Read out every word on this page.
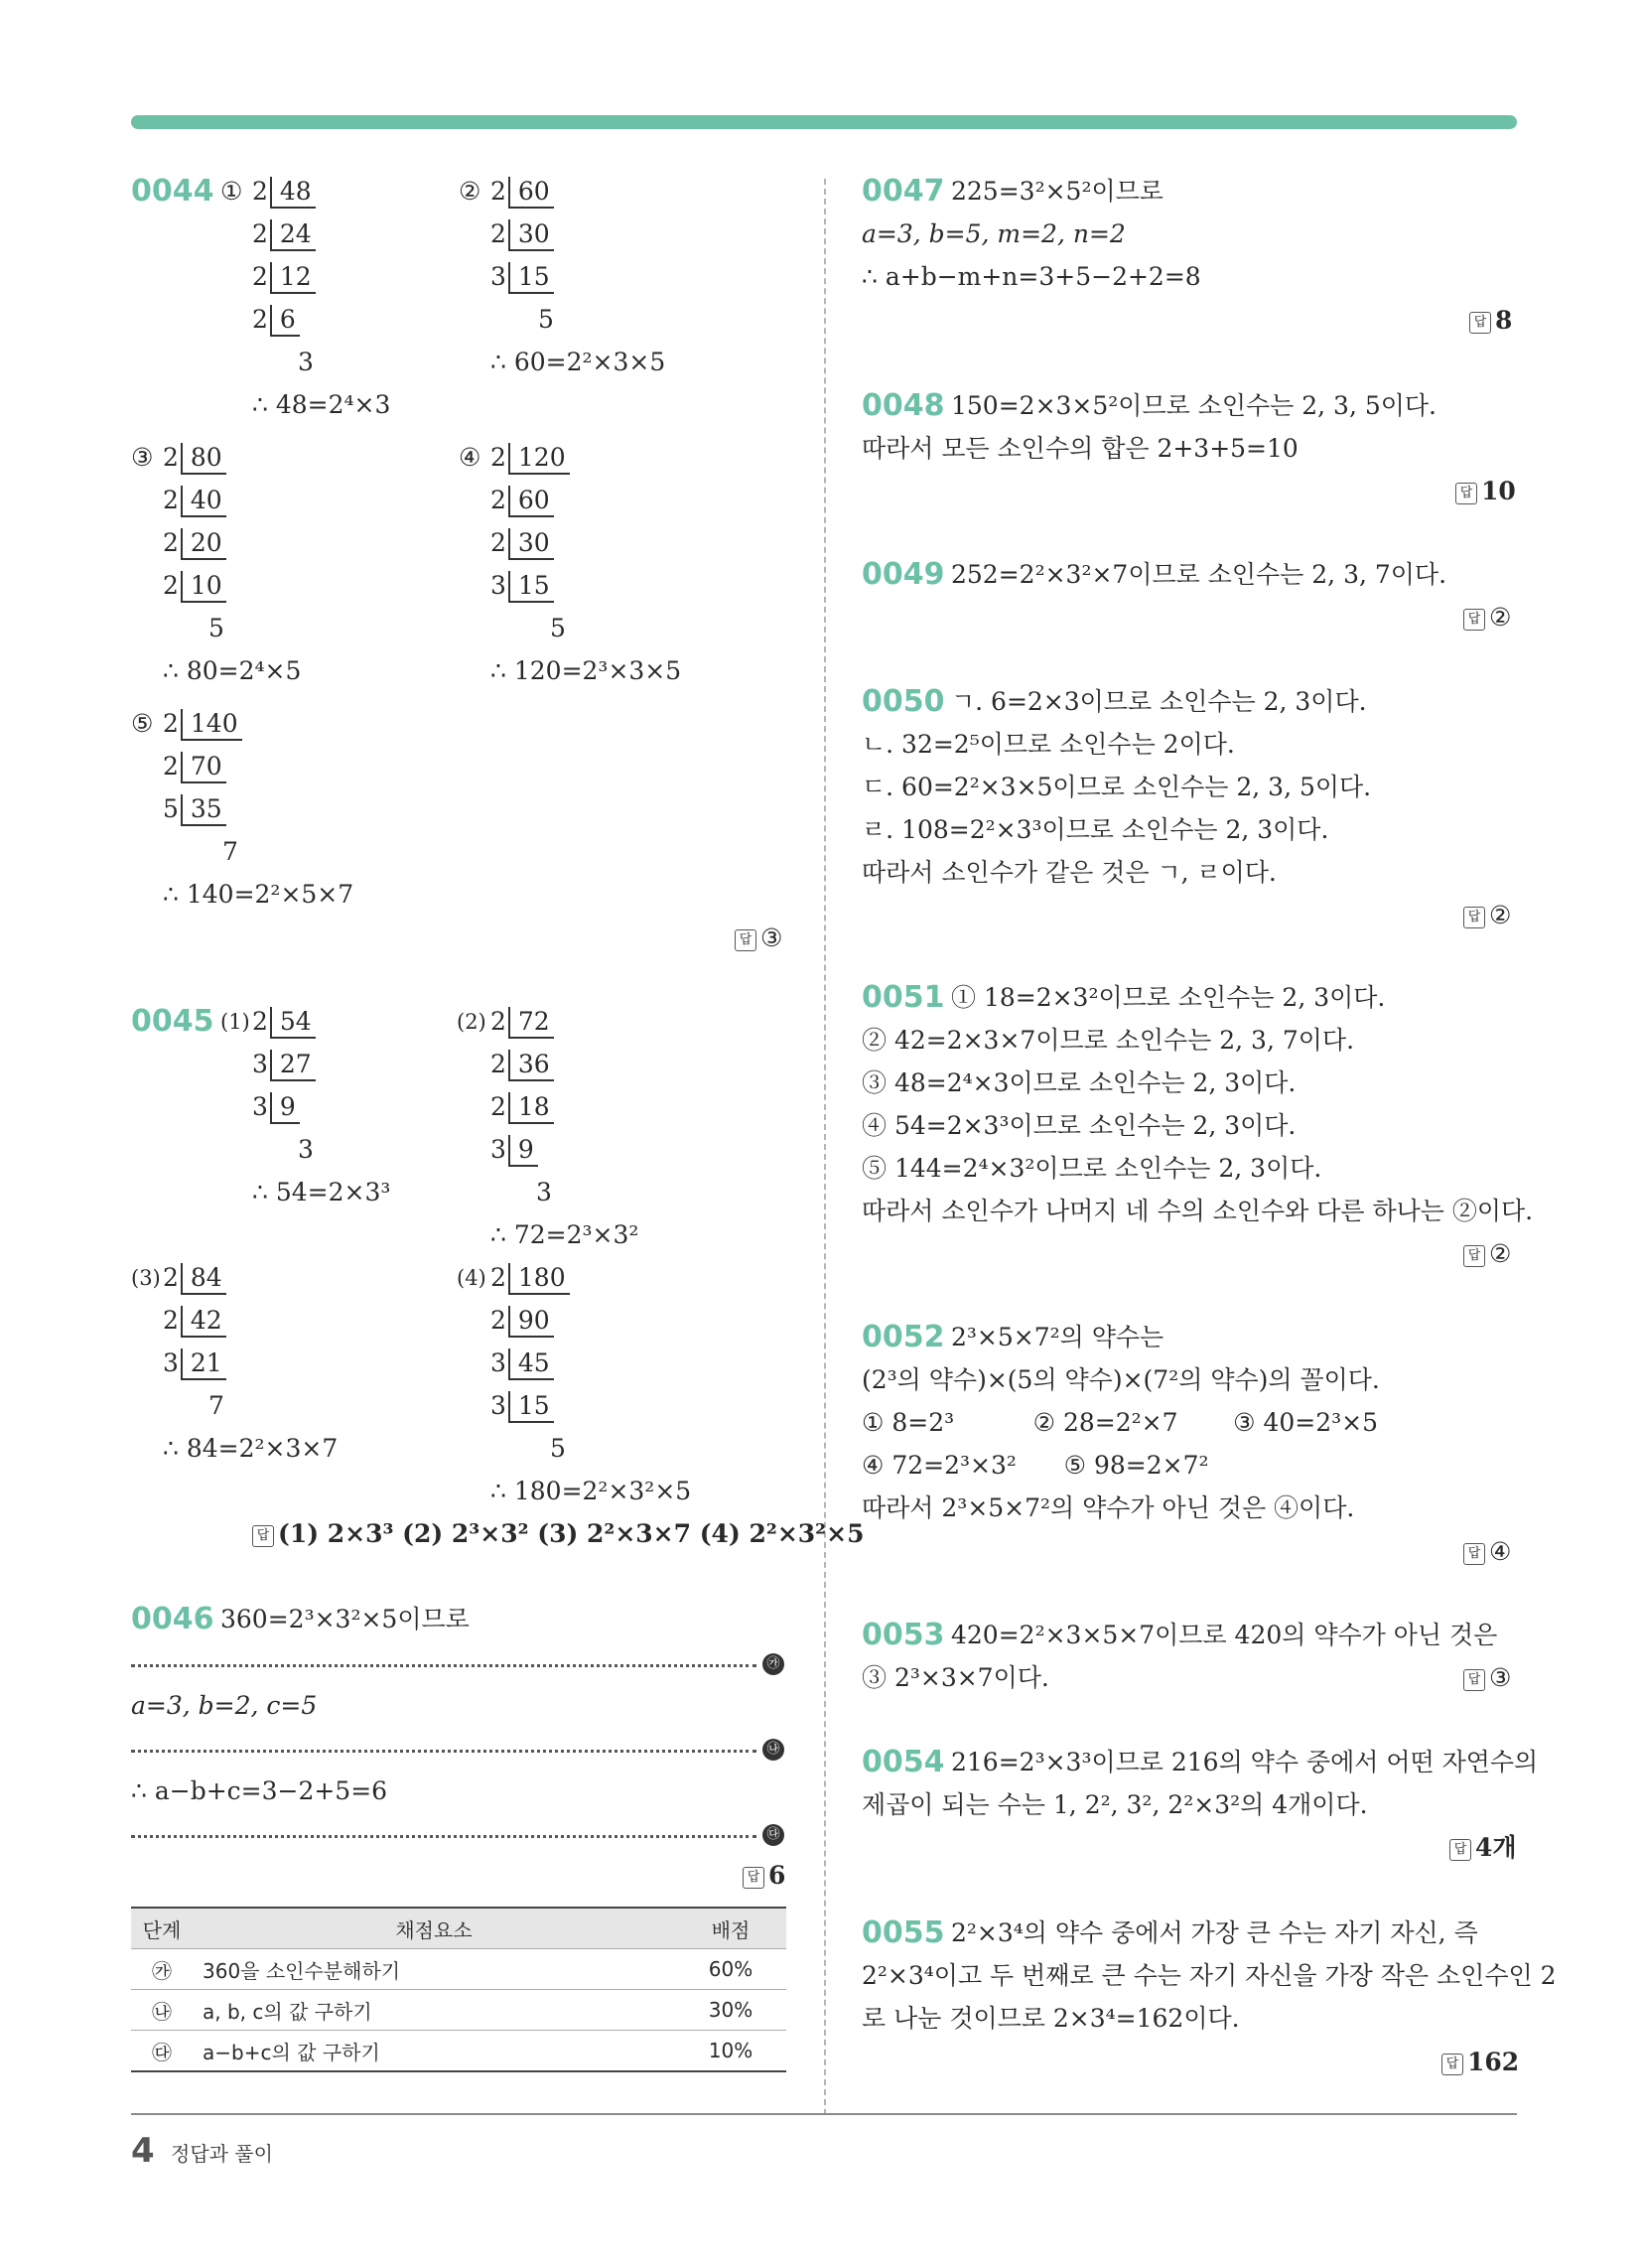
0044 ① 2 48
2 24
2 12
26
3
∴ 48=2⁴×3
② 2 60
2 30
3 15
5
∴ 60=2²×3×5
③ 2 80
2 40
2 20
2 10
5
∴ 80=2⁴×5
④ 2 120
260
230
315
5
∴ 120=2³×3×5
⑤ 2 140
270
535
7
∴ 140=2²×5×7
답 ③
0045 (1) 2 54
3 27
39
3
∴ 54=2×3³
(2) 2 72
2 36
2 18
39
3
∴ 72=2³×3²
(3) 2 84
2 42
3 21
7
∴ 84=2²×3×7
(4) 2 180
290
345
315
5
∴ 180=2²×3²×5
답 (1) 2×3³ (2) 2³×3² (3) 2²×3×7 (4) 2²×3²×5
0046 360=2³×3²×5이므로
㉮
a=3, b=2, c=5
㉯
∴ a−b+c=3−2+5=6
㉰
답 6
단계	채점요소	배점
㉮	360을 소인수분해하기	60%
㉯	a, b, c의 값 구하기	30%
㉰	a−b+c의 값 구하기	10%
0047 225=3²×5²이므로
a=3, b=5, m=2, n=2
∴ a+b−m+n=3+5−2+2=8
답 8
0048 150=2×3×5²이므로 소인수는 2, 3, 5이다.
따라서 모든 소인수의 합은 2+3+5=10
답 10
0049 252=2²×3²×7이므로 소인수는 2, 3, 7이다.
답 ②
0050 ㄱ. 6=2×3이므로 소인수는 2, 3이다.
ㄴ. 32=2⁵이므로 소인수는 2이다.
ㄷ. 60=2²×3×5이므로 소인수는 2, 3, 5이다.
ㄹ. 108=2²×3³이므로 소인수는 2, 3이다.
따라서 소인수가 같은 것은 ㄱ, ㄹ이다.
답 ②
0051 ① 18=2×3²이므로 소인수는 2, 3이다.
② 42=2×3×7이므로 소인수는 2, 3, 7이다.
③ 48=2⁴×3이므로 소인수는 2, 3이다.
④ 54=2×3³이므로 소인수는 2, 3이다.
⑤ 144=2⁴×3²이므로 소인수는 2, 3이다.
따라서 소인수가 나머지 네 수의 소인수와 다른 하나는 ②이다.
답 ②
0052 2³×5×7²의 약수는
(2³의 약수)×(5의 약수)×(7²의 약수)의 꼴이다.
① 8=2³          ② 28=2²×7       ③ 40=2³×5
④ 72=2³×3²      ⑤ 98=2×7²
따라서 2³×5×7²의 약수가 아닌 것은 ④이다.
답 ④
0053 420=2²×3×5×7이므로 420의 약수가 아닌 것은
③ 2³×3×7이다.	답 ③
0054 216=2³×3³이므로 216의 약수 중에서 어떤 자연수의
제곱이 되는 수는 1, 2², 3², 2²×3²의 4개이다.
답 4개
0055 2²×3⁴의 약수 중에서 가장 큰 수는 자기 자신, 즉
2²×3⁴이고 두 번째로 큰 수는 자기 자신을 가장 작은 소인수인 2
로 나눈 것이므로 2×3⁴=162이다.
답 162
4 정답과 풀이
